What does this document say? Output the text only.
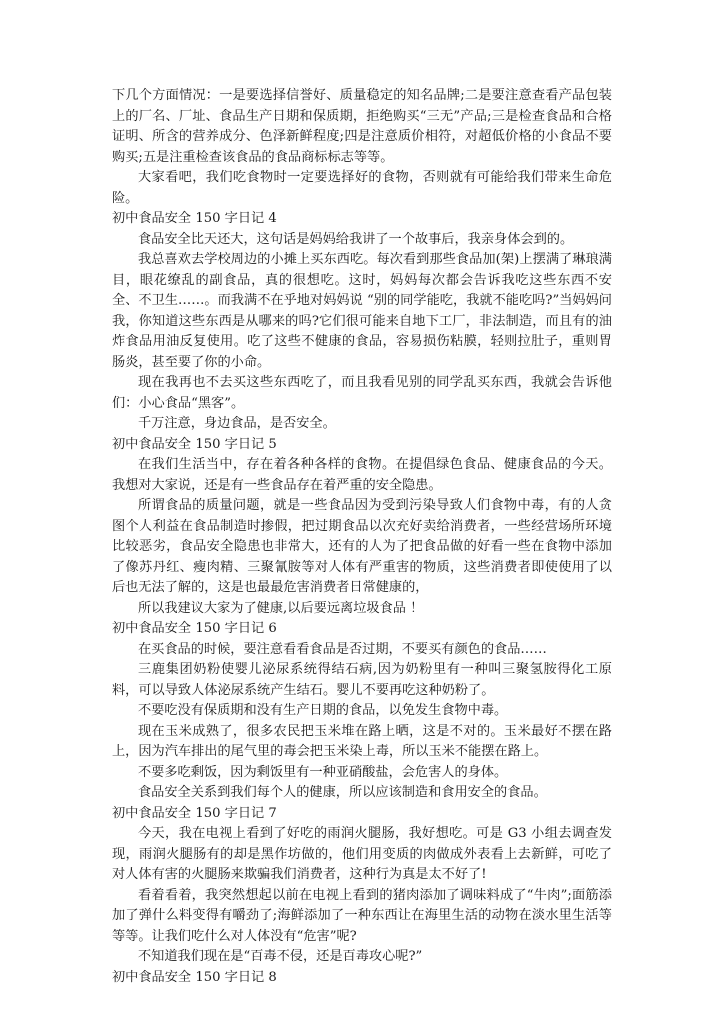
下几个方面情况：一是要选择信誉好、质量稳定的知名品牌;二是要注意查看产品包装上的厂名、厂址、食品生产日期和保质期，拒绝购买“三无”产品;三是检查食品和合格证明、所含的营养成分、色泽新鲜程度;四是注意质价相符，对超低价格的小食品不要购买;五是注重检查该食品的食品商标标志等等。

大家看吧，我们吃食物时一定要选择好的食物，否则就有可能给我们带来生命危险。

初中食品安全 150 字日记 4

食品安全比天还大，这句话是妈妈给我讲了一个故事后，我亲身体会到的。

我总喜欢去学校周边的小摊上买东西吃。每次看到那些食品加(架)上摆满了琳琅满目，眼花缭乱的副食品，真的很想吃。这时，妈妈每次都会告诉我吃这些东西不安全、不卫生……。而我满不在乎地对妈妈说 “别的同学能吃，我就不能吃吗?”当妈妈问我，你知道这些东西是从哪来的吗?它们很可能来自地下工厂，非法制造，而且有的油炸食品用油反复使用。吃了这些不健康的食品，容易损伤粘膜，轻则拉肚子，重则胃肠炎，甚至要了你的小命。

现在我再也不去买这些东西吃了，而且我看见别的同学乱买东西，我就会告诉他们：小心食品“黑客”。

千万注意，身边食品，是否安全。

初中食品安全 150 字日记 5

在我们生活当中，存在着各种各样的食物。在提倡绿色食品、健康食品的今天。我想对大家说，还是有一些食品存在着严重的安全隐患。

所谓食品的质量问题，就是一些食品因为受到污染导致人们食物中毒，有的人贪图个人利益在食品制造时掺假，把过期食品以次充好卖给消费者，一些经营场所环境比较恶劣，食品安全隐患也非常大，还有的人为了把食品做的好看一些在食物中添加了像苏丹红、瘦肉精、三聚氰胺等对人体有严重害的物质，这些消费者即使使用了以后也无法了解的，这是也最最危害消费者日常健康的，

所以我建议大家为了健康,以后要远离垃圾食品 ！

初中食品安全 150 字日记 6

在买食品的时候，要注意看看食品是否过期，不要买有颜色的食品……

三鹿集团奶粉使婴儿泌尿系统得结石病,因为奶粉里有一种叫三聚氢胺得化工原料，可以导致人体泌尿系统产生结石。婴儿不要再吃这种奶粉了。

不要吃没有保质期和没有生产日期的食品，以免发生食物中毒。

现在玉米成熟了，很多农民把玉米堆在路上晒，这是不对的。玉米最好不摆在路上，因为汽车排出的尾气里的毒会把玉米染上毒，所以玉米不能摆在路上。

不要多吃剩饭，因为剩饭里有一种亚硝酸盐，会危害人的身体。

食品安全关系到我们每个人的健康，所以应该制造和食用安全的食品。

初中食品安全 150 字日记 7

今天，我在电视上看到了好吃的雨润火腿肠，我好想吃。可是 G3 小组去调查发现，雨润火腿肠有的却是黑作坊做的，他们用变质的肉做成外表看上去新鲜，可吃了对人体有害的火腿肠来欺骗我们消费者，这种行为真是太不好了!

看着看着，我突然想起以前在电视上看到的猪肉添加了调味料成了“牛肉”;面筋添加了弹什么料变得有嚼劲了;海鲜添加了一种东西让在海里生活的动物在淡水里生活等等等。让我们吃什么对人体没有“危害”呢?

不知道我们现在是“百毒不侵，还是百毒攻心呢?”

初中食品安全 150 字日记 8
